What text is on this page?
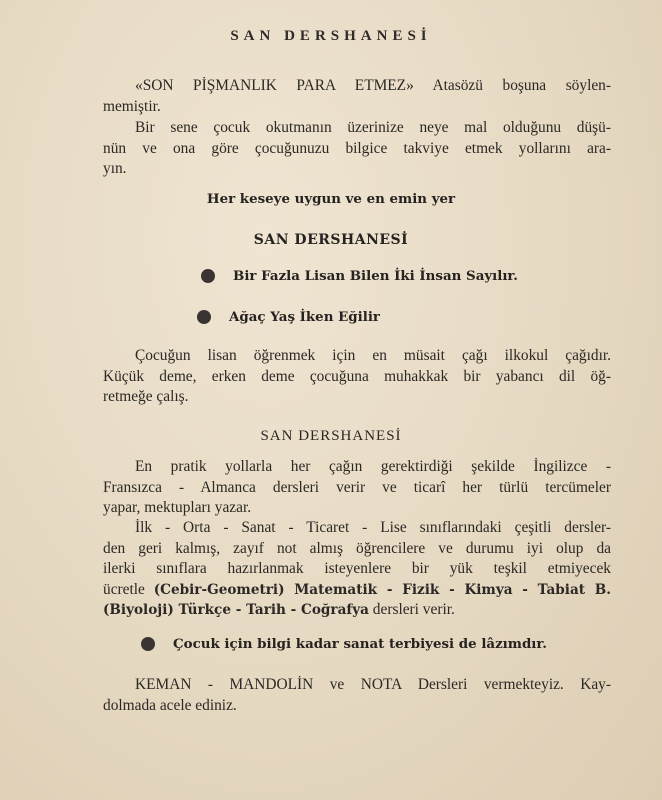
SAN DERSHANESİ
«SON PİŞMANLIK PARA ETMEZ» Atasözü boşuna söylen-
memiştir.
Bir sene çocuk okutmanın üzerinize neye mal olduğunu düşü-
nün ve ona göre çocuğunuzu bilgice takviye etmek yollarını ara-
yın.
Her keseye uygun ve en emin yer
SAN DERSHANESİ
Bir Fazla Lisan Bilen İki İnsan Sayılır.
Ağaç Yaş İken Eğilir
Çocuğun lisan öğrenmek için en müsait çağı ilkokul çağıdır.
Küçük deme, erken deme çocuğuna muhakkak bir yabancı dil öğ-
retmeğe çalış.
SAN DERSHANESİ
En pratik yollarla her çağın gerektirdiği şekilde İngilizce -
Fransızca - Almanca dersleri verir ve ticarî her türlü tercümeler
yapar, mektupları yazar.
İlk - Orta - Sanat - Ticaret - Lise sınıflarındaki çeşitli dersler-
den geri kalmış, zayıf not almış öğrencilere ve durumu iyi olup da
ilerki sınıflara hazırlanmak isteyenlere bir yük teşkil etmiyecek
ücretle (Cebir-Geometri) Matematik - Fizik - Kimya - Tabiat B.
(Biyoloji) Türkçe - Tarih - Coğrafya dersleri verir.
Çocuk için bilgi kadar sanat terbiyesi de lâzımdır.
KEMAN - MANDOLİN ve NOTA Dersleri vermekteyiz. Kay-
dolmada acele ediniz.
